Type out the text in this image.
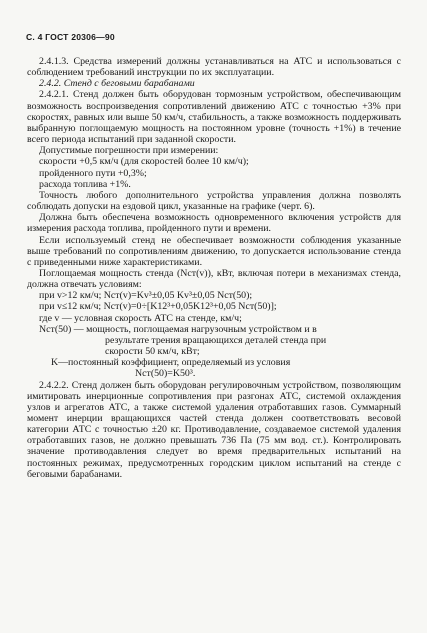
С. 4 ГОСТ 20306—90

2.4.1.3. Средства измерений должны устанавливаться на АТС и использоваться с соблюдением требований инструкции по их эксплуатации.

2.4.2. Стенд с беговыми барабанами

2.4.2.1. Стенд должен быть оборудован тормозным устройством, обеспечивающим возможность воспроизведения сопротивлений движению АТС с точностью +3% при скоростях, равных или выше 50 км/ч, стабильность, а также возможность поддерживать выбранную поглощаемую мощность на постоянном уровне (точность +1%) в течение всего периода испытаний при заданной скорости.

Допустимые погрешности при измерении:

скорости +0,5 км/ч (для скоростей более 10 км/ч);

пройденного пути +0,3%;

расхода топлива +1%.

Точность любого дополнительного устройства управления должна позволять соблюдать допуски на ездовой цикл, указанные на графике (черт. 6).

Должна быть обеспечена возможность одновременного включения устройств для измерения расхода топлива, пройденного пути и времени.

Если используемый стенд не обеспечивает возможности соблюдения указанные выше требований по сопротивлениям движению, то допускается использование стенда с приведенными ниже характеристиками.

Поглощаемая мощность стенда (Nст(v)), кВт, включая потери в механизмах стенда, должна отвечать условиям:

при v>12 км/ч; Nст(v)=Kv³±0,05 Kv³±0,05 Nст(50);

при v≤12 км/ч; Nст(v)=0÷[K12³+0,05K12³+0,05 Nст(50)];

где v — условная скорость АТС на стенде, км/ч;

Nст(50) — мощность, поглощаемая нагрузочным устройством и в

результате трения вращающихся деталей стенда при

скорости 50 км/ч, кВт;

K—постоянный коэффициент, определяемый из условия

Nст(50)=K50³.

2.4.2.2. Стенд должен быть оборудован регулировочным устройством, позволяющим имитировать инерционные сопротивления при разгонах АТС, системой охлаждения узлов и агрегатов АТС, а также системой удаления отработавших газов. Суммарный момент инерции вращающихся частей стенда должен соответствовать весовой категории АТС с точностью ±20 кг. Противодавление, создаваемое системой удаления отработавших газов, не должно превышать 736 Па (75 мм вод. ст.). Контролировать значение противодавления следует во время предварительных испытаний на постоянных режимах, предусмотренных городским циклом испытаний на стенде с беговыми барабанами.
